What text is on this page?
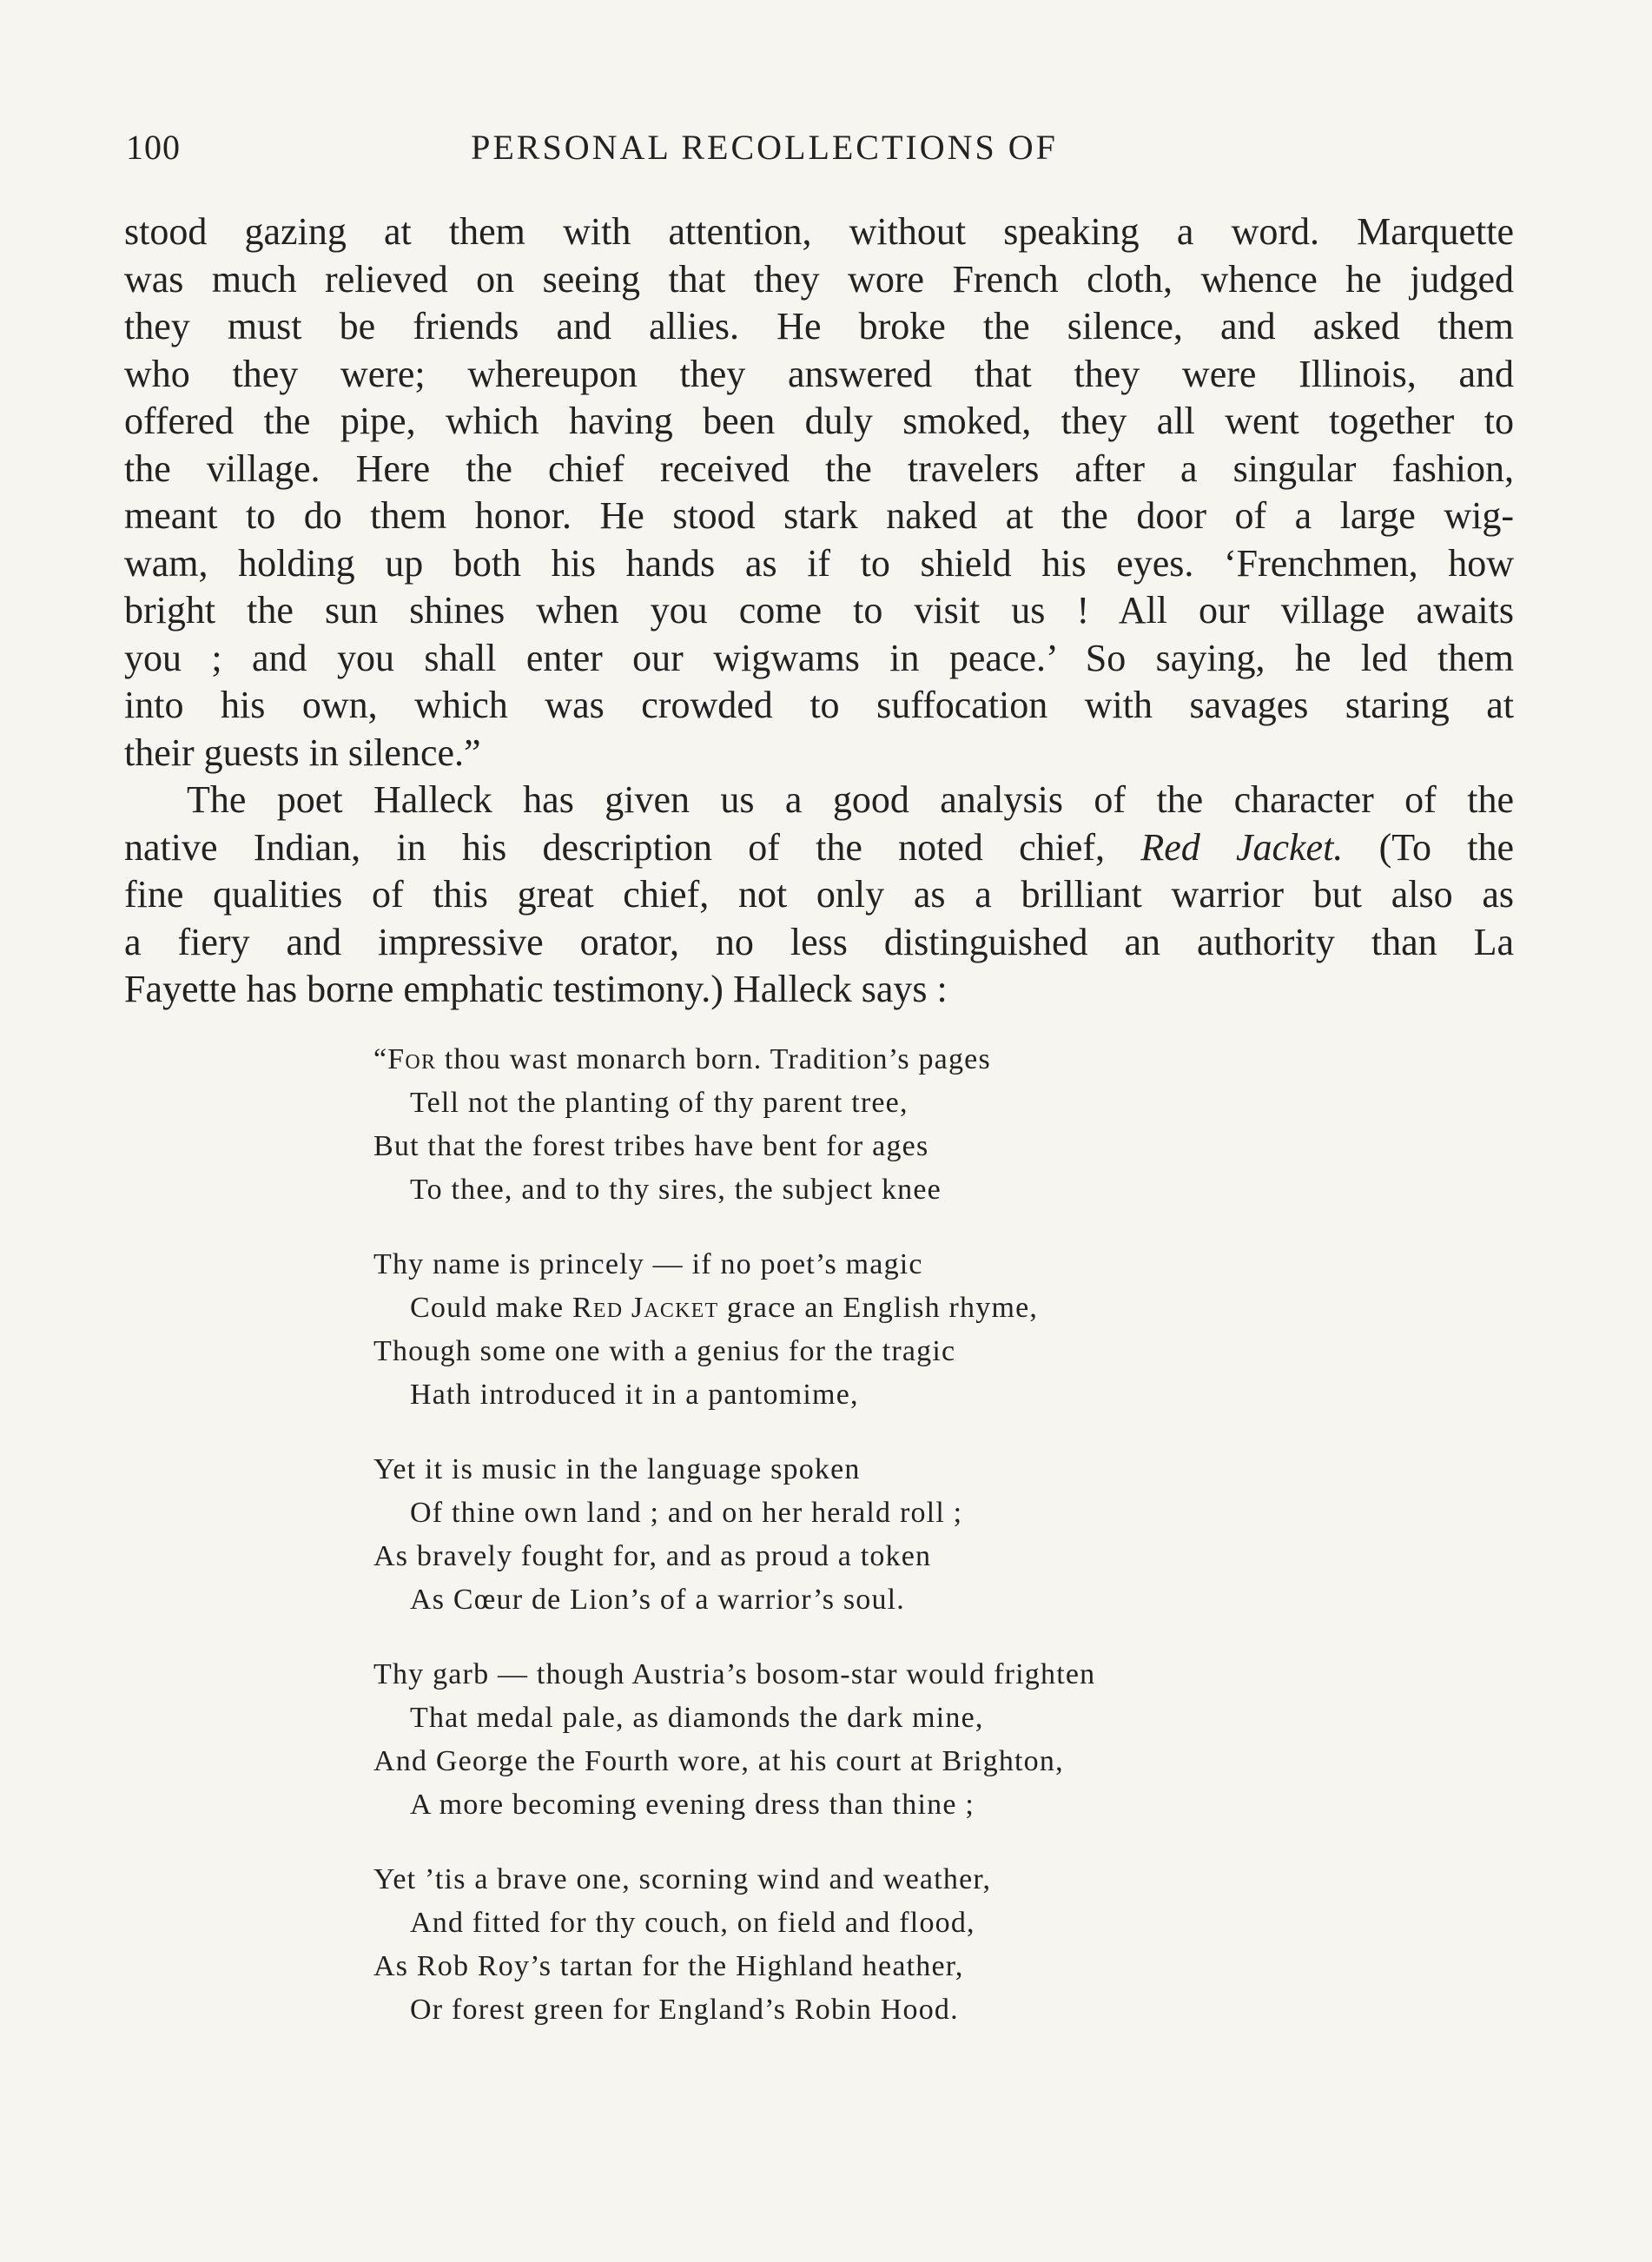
100	PERSONAL RECOLLECTIONS OF

stood gazing at them with attention, without speaking a word. Marquette
was much relieved on seeing that they wore French cloth, whence he judged
they must be friends and allies. He broke the silence, and asked them
who they were; whereupon they answered that they were Illinois, and
offered the pipe, which having been duly smoked, they all went together to
the village. Here the chief received the travelers after a singular fashion,
meant to do them honor. He stood stark naked at the door of a large wig-
wam, holding up both his hands as if to shield his eyes. ‘Frenchmen, how
bright the sun shines when you come to visit us ! All our village awaits
you ; and you shall enter our wigwams in peace.’ So saying, he led them
into his own, which was crowded to suffocation with savages staring at
their guests in silence.”

The poet Halleck has given us a good analysis of the character of the
native Indian, in his description of the noted chief, Red Jacket. (To the
fine qualities of this great chief, not only as a brilliant warrior but also as
a fiery and impressive orator, no less distinguished an authority than La
Fayette has borne emphatic testimony.) Halleck says :

“For thou wast monarch born. Tradition’s pages
Tell not the planting of thy parent tree,
But that the forest tribes have bent for ages
To thee, and to thy sires, the subject knee
Thy name is princely — if no poet’s magic
Could make Red Jacket grace an English rhyme,
Though some one with a genius for the tragic
Hath introduced it in a pantomime,
Yet it is music in the language spoken
Of thine own land ; and on her herald roll ;
As bravely fought for, and as proud a token
As Cœur de Lion’s of a warrior’s soul.
Thy garb — though Austria’s bosom-star would frighten
That medal pale, as diamonds the dark mine,
And George the Fourth wore, at his court at Brighton,
A more becoming evening dress than thine ;
Yet ’tis a brave one, scorning wind and weather,
And fitted for thy couch, on field and flood,
As Rob Roy’s tartan for the Highland heather,
Or forest green for England’s Robin Hood.
